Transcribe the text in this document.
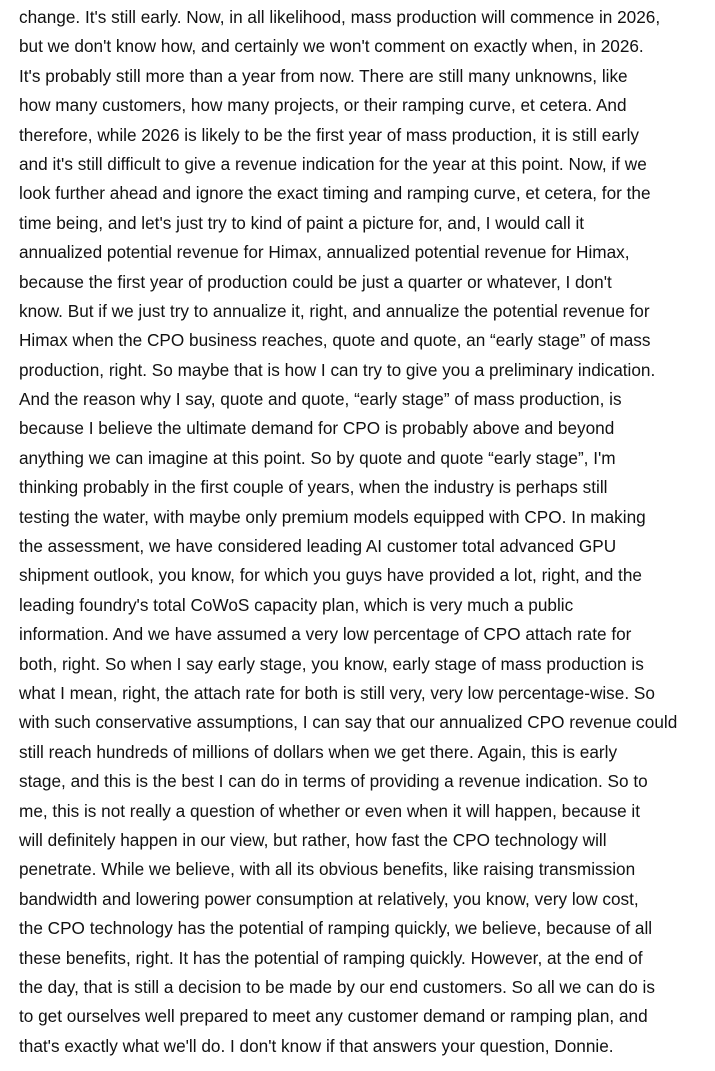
change. It's still early. Now, in all likelihood, mass production will commence in 2026,
but we don't know how, and certainly we won't comment on exactly when, in 2026.
It's probably still more than a year from now. There are still many unknowns, like
how many customers, how many projects, or their ramping curve, et cetera. And
therefore, while 2026 is likely to be the first year of mass production, it is still early
and it's still difficult to give a revenue indication for the year at this point. Now, if we
look further ahead and ignore the exact timing and ramping curve, et cetera, for the
time being, and let's just try to kind of paint a picture for, and, I would call it
annualized potential revenue for Himax, annualized potential revenue for Himax,
because the first year of production could be just a quarter or whatever, I don't
know. But if we just try to annualize it, right, and annualize the potential revenue for
Himax when the CPO business reaches, quote and quote, an “early stage” of mass
production, right. So maybe that is how I can try to give you a preliminary indication.
And the reason why I say, quote and quote, “early stage” of mass production, is
because I believe the ultimate demand for CPO is probably above and beyond
anything we can imagine at this point. So by quote and quote “early stage”, I'm
thinking probably in the first couple of years, when the industry is perhaps still
testing the water, with maybe only premium models equipped with CPO. In making
the assessment, we have considered leading AI customer total advanced GPU
shipment outlook, you know, for which you guys have provided a lot, right, and the
leading foundry's total CoWoS capacity plan, which is very much a public
information. And we have assumed a very low percentage of CPO attach rate for
both, right. So when I say early stage, you know, early stage of mass production is
what I mean, right, the attach rate for both is still very, very low percentage-wise. So
with such conservative assumptions, I can say that our annualized CPO revenue could
still reach hundreds of millions of dollars when we get there. Again, this is early
stage, and this is the best I can do in terms of providing a revenue indication. So to
me, this is not really a question of whether or even when it will happen, because it
will definitely happen in our view, but rather, how fast the CPO technology will
penetrate. While we believe, with all its obvious benefits, like raising transmission
bandwidth and lowering power consumption at relatively, you know, very low cost,
the CPO technology has the potential of ramping quickly, we believe, because of all
these benefits, right. It has the potential of ramping quickly. However, at the end of
the day, that is still a decision to be made by our end customers. So all we can do is
to get ourselves well prepared to meet any customer demand or ramping plan, and
that's exactly what we'll do. I don't know if that answers your question, Donnie.
